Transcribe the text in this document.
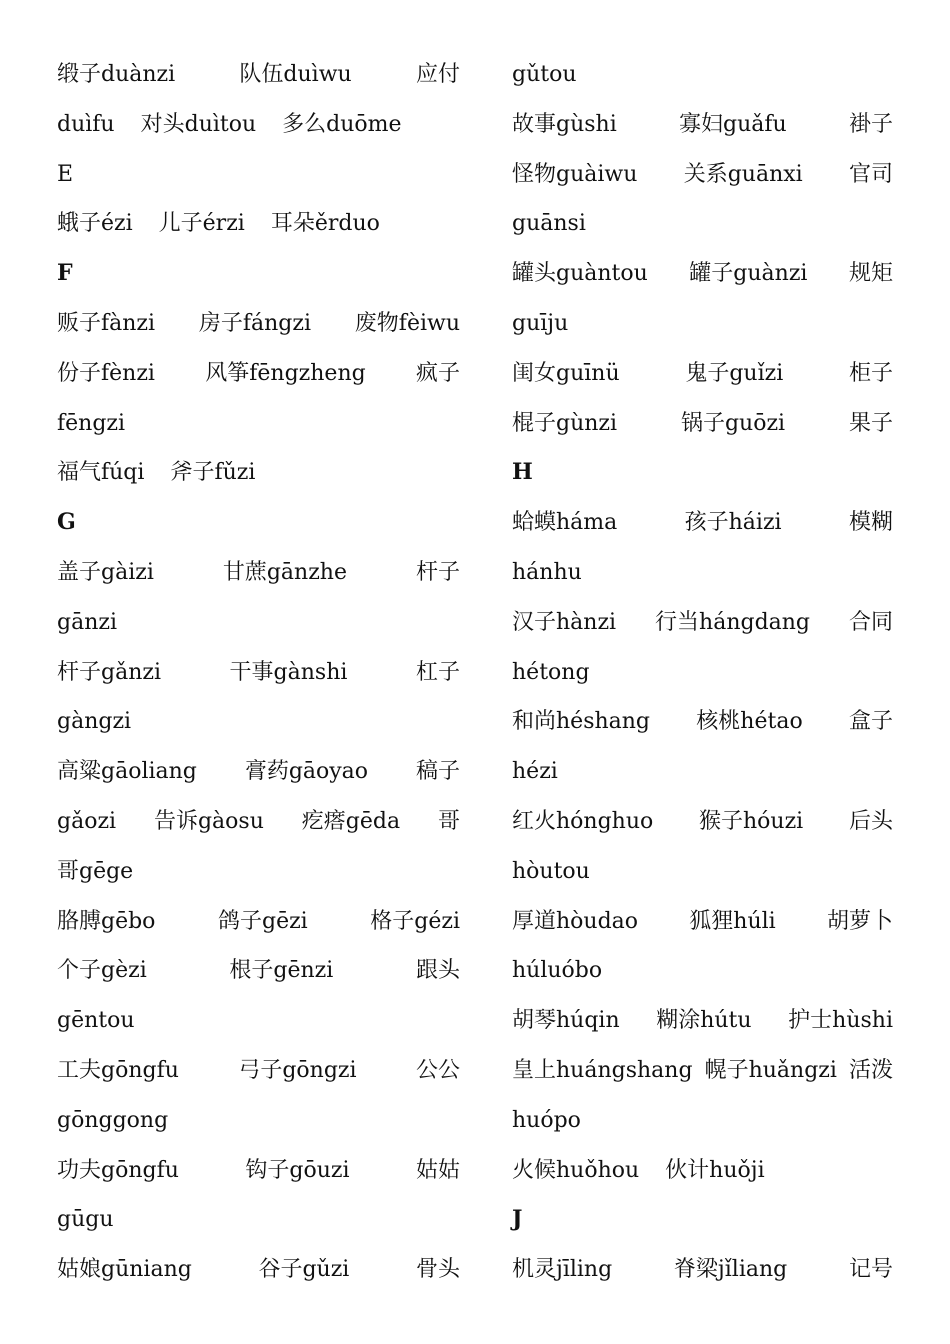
缎子duànzi	队伍duìwu	应付
duìfu 对头duìtou 多么duōme
E
蛾子ézi 儿子érzi 耳朵ěrduo
F
贩子fànzi 房子fángzi 废物fèiwu
份子fènzi 风筝fēngzheng 疯子
fēngzi
福气fúqi 斧子fǔzi
G
盖子gàizi	甘蔗gānzhe	杆子
gānzi
杆子gǎnzi	干事gànshi	杠子
gàngzi
高粱gāoliang 膏药gāoyao 稿子
gǎozi 告诉gàosu 疙瘩gēda 哥
哥gēge
胳膊gēbo	鸽子gēzi	格子gézi
个子gèzi	根子gēnzi	跟头
gēntou
工夫gōngfu	弓子gōngzi	公公
gōnggong
功夫gōngfu	钩子gōuzi	姑姑
gūgu
姑娘gūniang	谷子gǔzi	骨头
gǔtou
故事gùshi	寡妇guǎfu	褂子
怪物guàiwu 关系guānxi 官司
guānsi
罐头guàntou 罐子guànzi 规矩
guīju
闺女guīnü	鬼子guǐzi	柜子
棍子gùnzi	锅子guōzi	果子
H
蛤蟆háma	孩子háizi	模糊
hánhu
汉子hànzi 行当hángdang 合同
hétong
和尚héshang 核桃hétao 盒子
hézi
红火hónghuo 猴子hóuzi 后头
hòutou
厚道hòudao 狐狸húli 胡萝卜
húluóbo
胡琴húqin 糊涂hútu 护士hùshi
皇上huángshang 幌子huǎngzi 活泼
huópo
火候huǒhou 伙计huǒji
J
机灵jīling	脊梁jǐliang	记号
